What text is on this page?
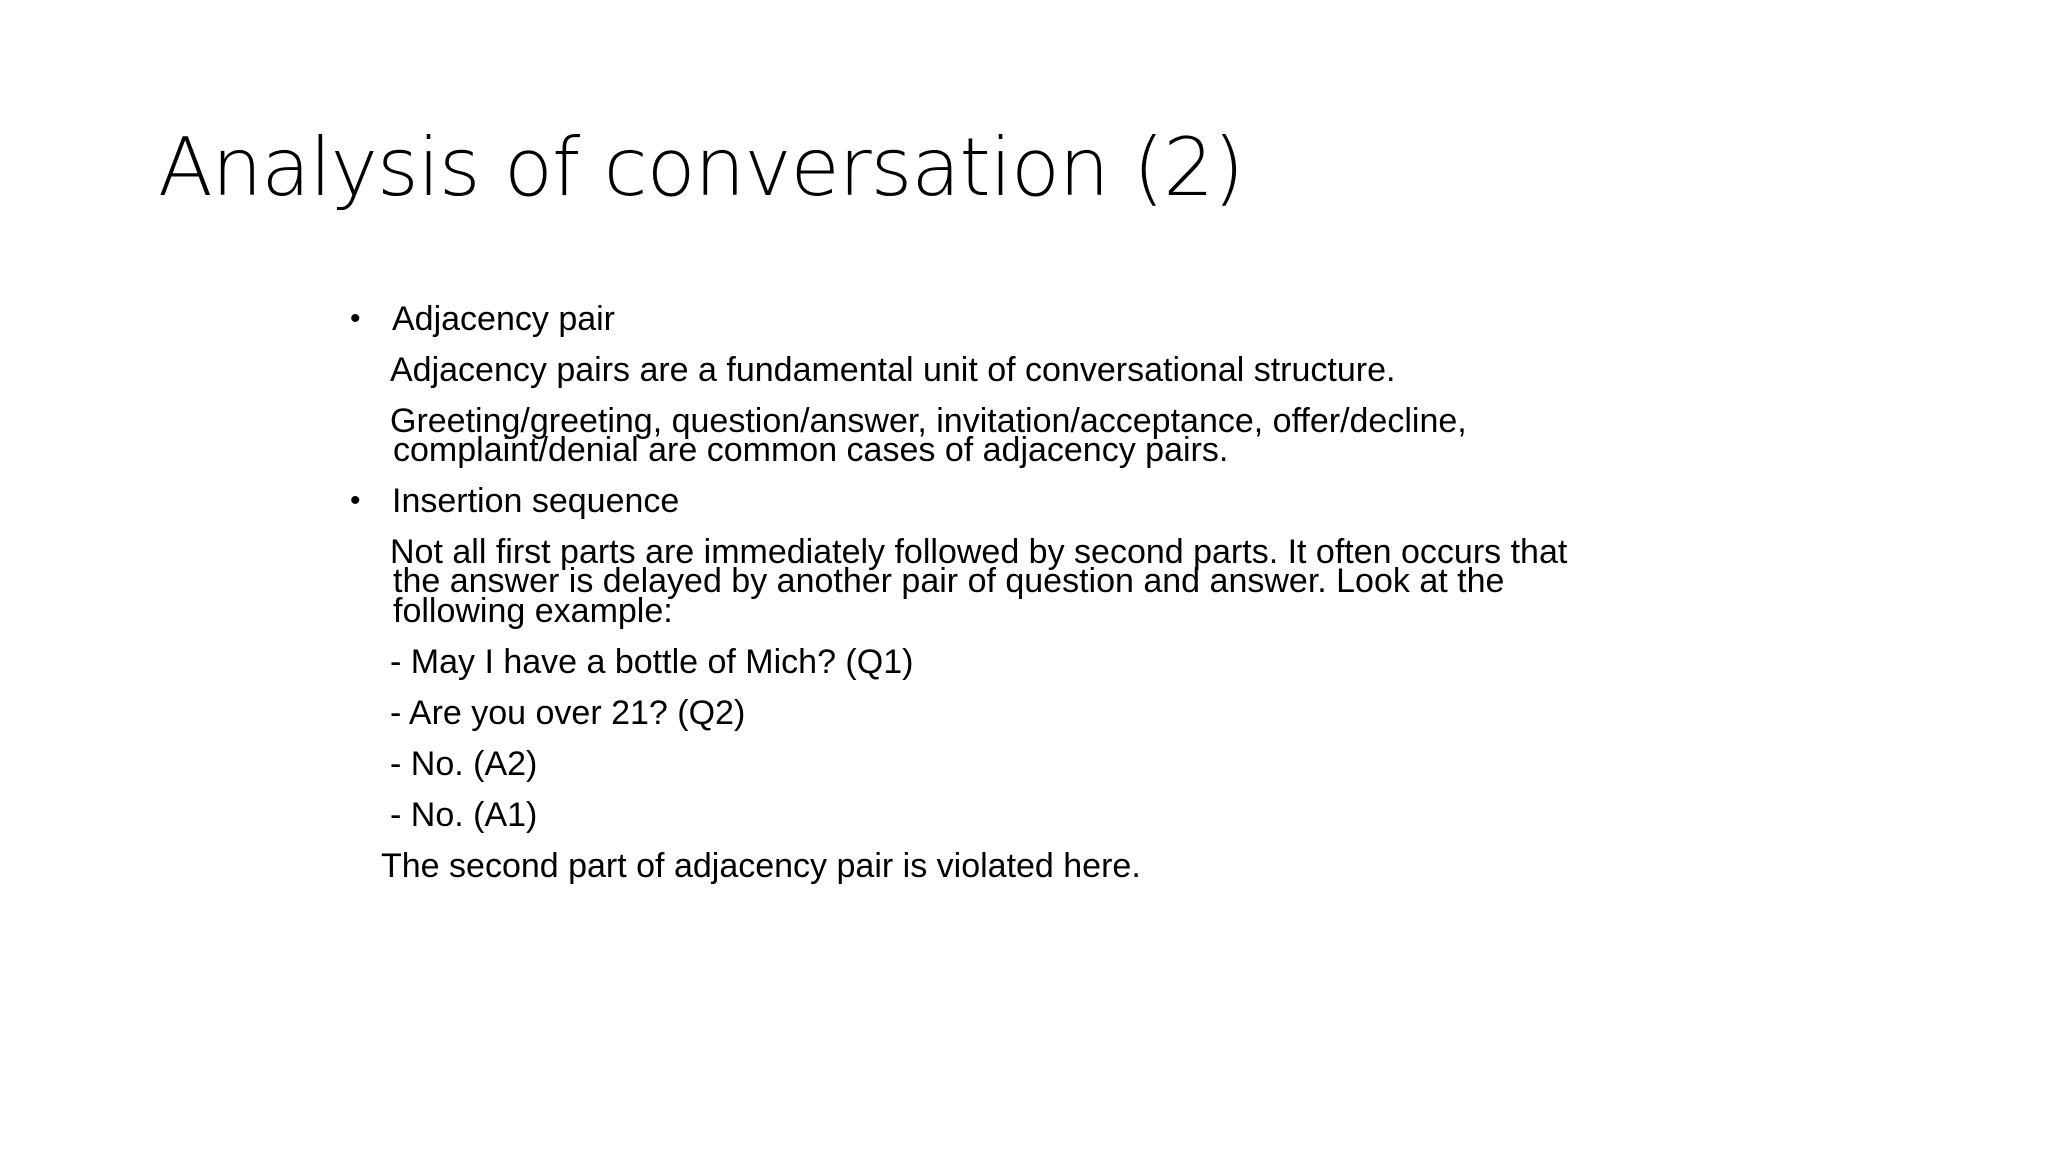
Analysis of conversation (2)
• Adjacency pair

Adjacency pairs are a fundamental unit of conversational structure.

Greeting/greeting, question/answer, invitation/acceptance, offer/decline,

complaint/denial are common cases of adjacency pairs.

• Insertion sequence

Not all first parts are immediately followed by second parts. It often occurs that

the answer is delayed by another pair of question and answer. Look at the

following example:

- May I have a bottle of Mich? (Q1)

- Are you over 21? (Q2)

- No. (A2)

- No. (A1)

The second part of adjacency pair is violated here.
